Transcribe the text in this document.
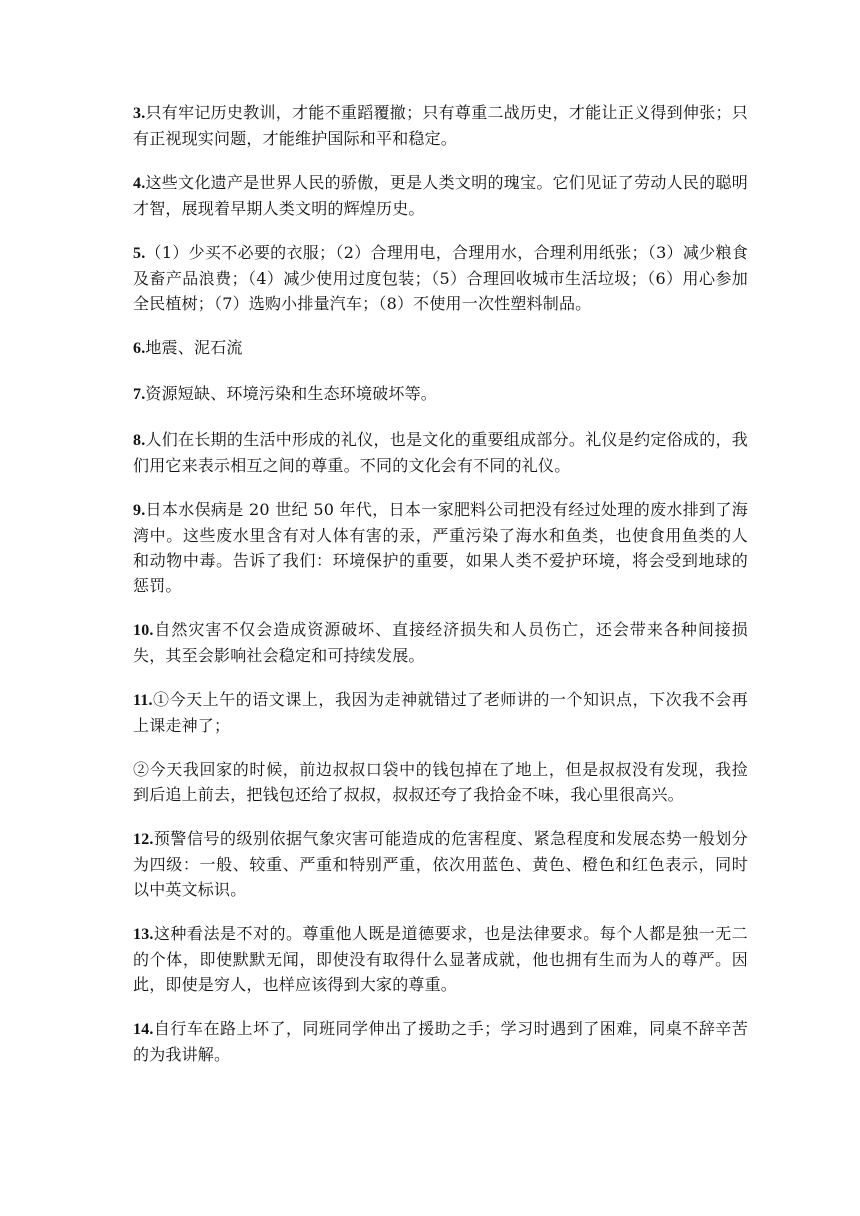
3.只有牢记历史教训，才能不重蹈覆撤；只有尊重二战历史，才能让正义得到伸张；只有正视现实问题，才能维护国际和平和稳定。

4.这些文化遗产是世界人民的骄傲，更是人类文明的瑰宝。它们见证了劳动人民的聪明才智，展现着早期人类文明的辉煌历史。

5.（1）少买不必要的衣服；（2）合理用电，合理用水，合理利用纸张；（3）减少粮食及畜产品浪费；（4）减少使用过度包装；（5）合理回收城市生活垃圾；（6）用心参加全民植树；（7）选购小排量汽车；（8）不使用一次性塑料制品。

6.地震、泥石流

7.资源短缺、环境污染和生态环境破坏等。

8.人们在长期的生活中形成的礼仪，也是文化的重要组成部分。礼仪是约定俗成的，我们用它来表示相互之间的尊重。不同的文化会有不同的礼仪。

9.日本水俣病是 20 世纪 50 年代，日本一家肥料公司把没有经过处理的废水排到了海湾中。这些废水里含有对人体有害的汞，严重污染了海水和鱼类，也使食用鱼类的人和动物中毒。告诉了我们：环境保护的重要，如果人类不爱护环境，将会受到地球的惩罚。

10.自然灾害不仅会造成资源破坏、直接经济损失和人员伤亡，还会带来各种间接损失，其至会影响社会稳定和可持续发展。

11.①今天上午的语文课上，我因为走神就错过了老师讲的一个知识点，下次我不会再上课走神了；

②今天我回家的时候，前边叔叔口袋中的钱包掉在了地上，但是叔叔没有发现，我捡到后追上前去，把钱包还给了叔叔，叔叔还夸了我拾金不味，我心里很高兴。

12.预警信号的级别依据气象灾害可能造成的危害程度、紧急程度和发展态势一般划分为四级：一般、较重、严重和特别严重，依次用蓝色、黄色、橙色和红色表示，同时以中英文标识。

13.这种看法是不对的。尊重他人既是道德要求，也是法律要求。每个人都是独一无二的个体，即使默默无闻，即使没有取得什么显著成就，他也拥有生而为人的尊严。因此，即使是穷人，也样应该得到大家的尊重。

14.自行车在路上坏了，同班同学伸出了援助之手；学习时遇到了困难，同桌不辞辛苦的为我讲解。
